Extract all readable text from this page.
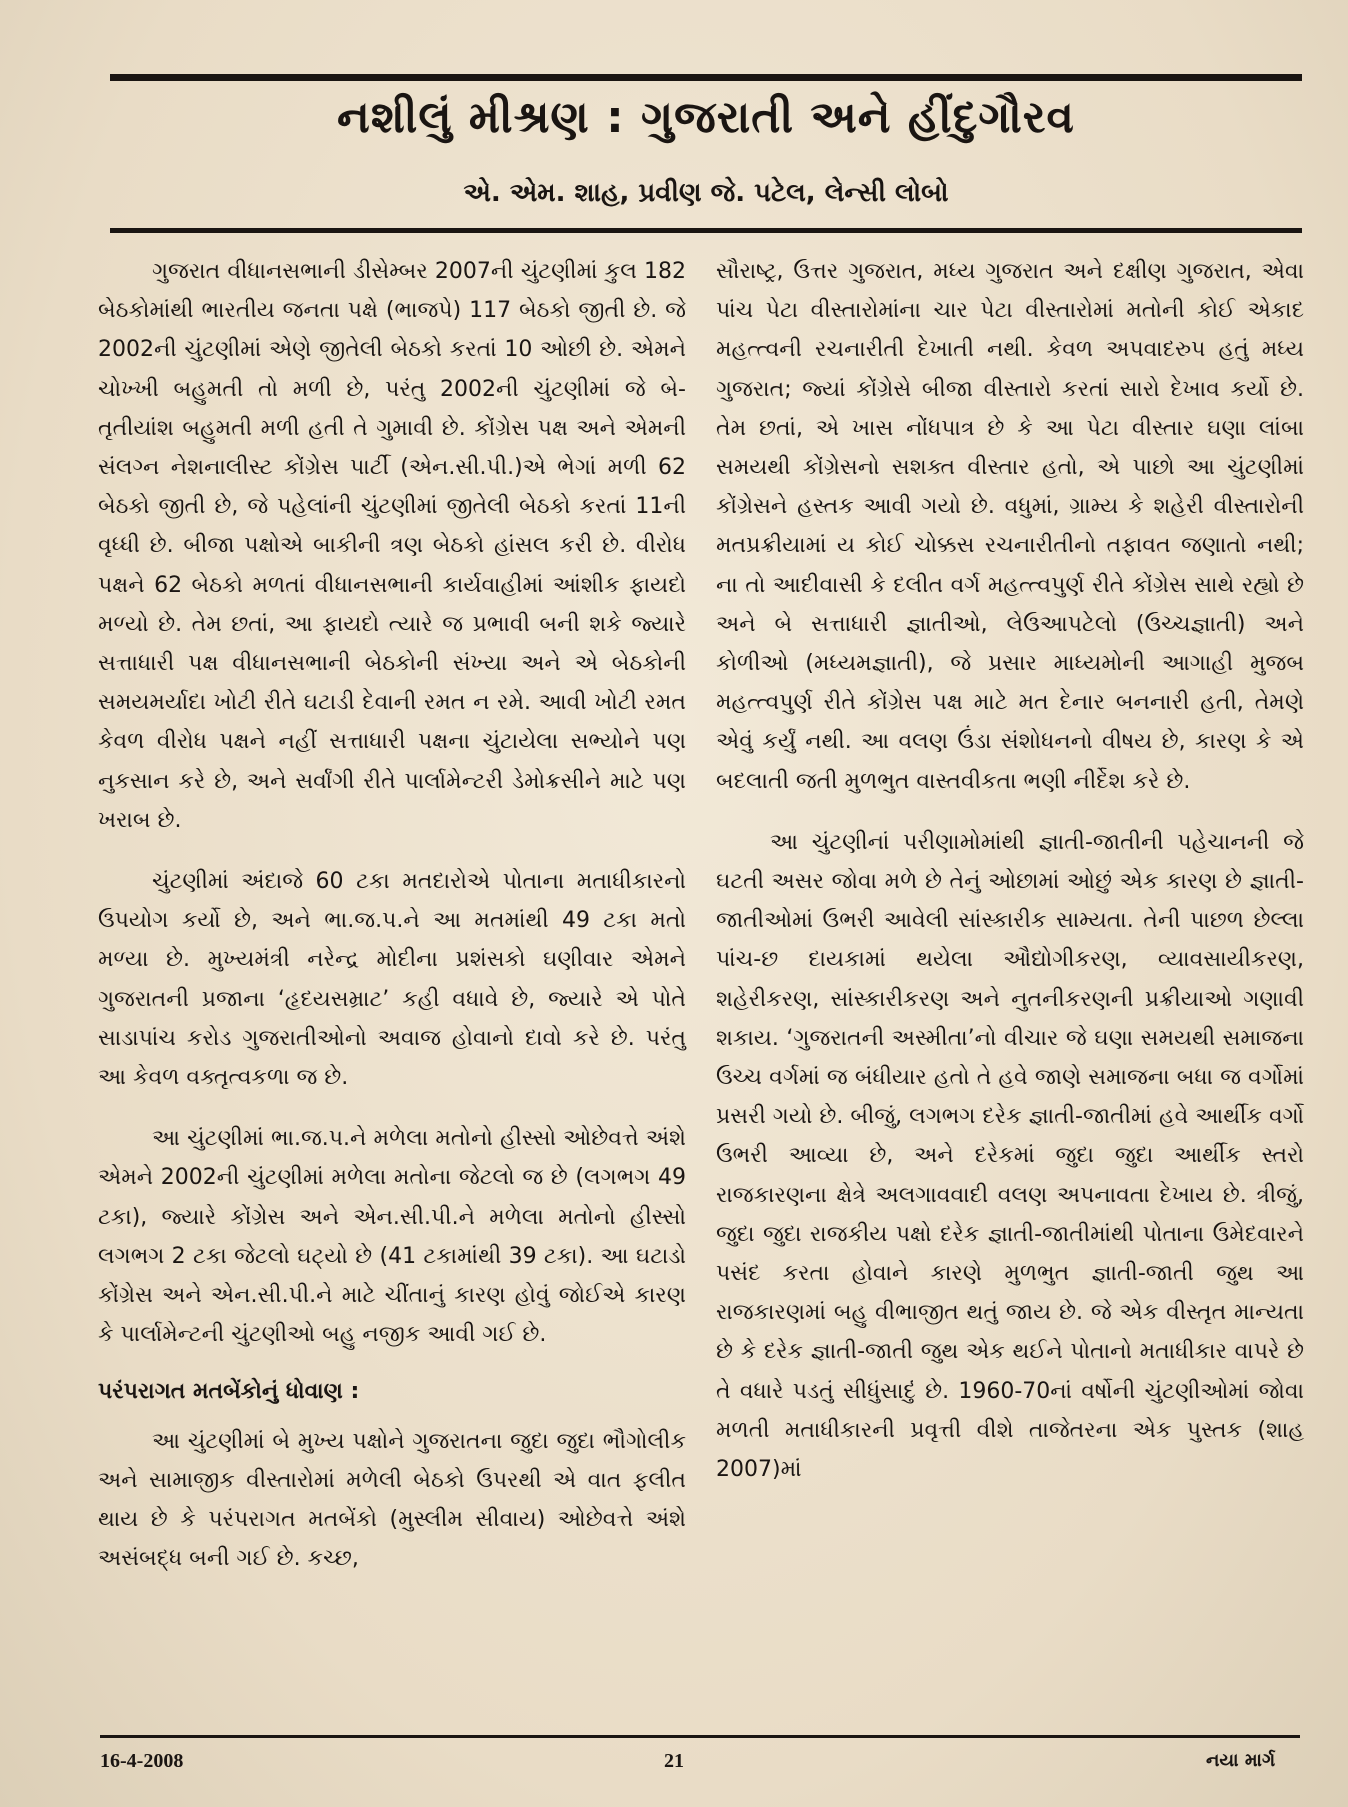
નશીલું મીશ્રણ : ગુજરાતી અને હીંદુગૌરવ
એ. એમ. શાહ, પ્રવીણ જે. પટેલ, લેન્સી લોબો

ગુજરાત વીધાનસભાની ડીસેમ્બર 2007ની ચુંટણીમાં કુલ 182 બેઠકોમાંથી ભારતીય જનતા પક્ષે (ભાજપે) 117 બેઠકો જીતી છે. જે 2002ની ચુંટણીમાં એણે જીતેલી બેઠકો કરતાં 10 ઓછી છે. એમને ચોખ્ખી બહુમતી તો મળી છે, પરંતુ 2002ની ચુંટણીમાં જે બે-તૃતીયાંશ બહુમતી મળી હતી તે ગુમાવી છે. કોંગ્રેસ પક્ષ અને એમની સંલગ્ન નેશનાલીસ્ટ કોંગ્રેસ પાર્ટી (એન.સી.પી.)એ ભેગાં મળી 62 બેઠકો જીતી છે, જે પહેલાંની ચુંટણીમાં જીતેલી બેઠકો કરતાં 11ની વૃધ્ધી છે. બીજા પક્ષોએ બાકીની ત્રણ બેઠકો હાંસલ કરી છે. વીરોધ પક્ષને 62 બેઠકો મળતાં વીધાનસભાની કાર્યવાહીમાં આંશીક ફાયદો મળ્યો છે. તેમ છતાં, આ ફાયદો ત્યારે જ પ્રભાવી બની શકે જ્યારે સત્તાધારી પક્ષ વીધાનસભાની બેઠકોની સંખ્યા અને એ બેઠકોની સમયમર્યાદા ખોટી રીતે ઘટાડી દેવાની રમત ન રમે. આવી ખોટી રમત કેવળ વીરોધ પક્ષને નહીં સત્તાધારી પક્ષના ચુંટાયેલા સભ્યોને પણ નુકસાન કરે છે, અને સર્વાંગી રીતે પાર્લામેન્ટરી ડેમોક્રસીને માટે પણ ખરાબ છે.

ચુંટણીમાં અંદાજે 60 ટકા મતદારોએ પોતાના મતાધીકારનો ઉપયોગ કર્યો છે, અને ભા.જ.પ.ને આ મતમાંથી 49 ટકા મતો મળ્યા છે. મુખ્યમંત્રી નરેન્દ્ર મોદીના પ્રશંસકો ઘણીવાર એમને ગુજરાતની પ્રજાના ‘હૃદયસમ્રાટ’ કહી વધાવે છે, જ્યારે એ પોતે સાડાપાંચ કરોડ ગુજરાતીઓનો અવાજ હોવાનો દાવો કરે છે. પરંતુ આ કેવળ વક્તૃત્વકળા જ છે.

આ ચુંટણીમાં ભા.જ.પ.ને મળેલા મતોનો હીસ્સો ઓછેવત્તે અંશે એમને 2002ની ચુંટણીમાં મળેલા મતોના જેટલો જ છે (લગભગ 49 ટકા), જ્યારે કોંગ્રેસ અને એન.સી.પી.ને મળેલા મતોનો હીસ્સો લગભગ 2 ટકા જેટલો ઘટ્યો છે (41 ટકામાંથી 39 ટકા). આ ઘટાડો કોંગ્રેસ અને એન.સી.પી.ને માટે ચીંતાનું કારણ હોવું જોઈએ કારણ કે પાર્લામેન્ટની ચુંટણીઓ બહુ નજીક આવી ગઈ છે.

પરંપરાગત મતબેંકોનું ધોવાણ :

આ ચુંટણીમાં બે મુખ્ય પક્ષોને ગુજરાતના જુદા જુદા ભૌગોલીક અને સામાજીક વીસ્તારોમાં મળેલી બેઠકો ઉપરથી એ વાત ફલીત થાય છે કે પરંપરાગત મતબેંકો (મુસ્લીમ સીવાય) ઓછેવત્તે અંશે અસંબદ્ધ બની ગઈ છે. કચ્છ,

સૌરાષ્ટ્ર, ઉત્તર ગુજરાત, મધ્ય ગુજરાત અને દક્ષીણ ગુજરાત, એવા પાંચ પેટા વીસ્તારોમાંના ચાર પેટા વીસ્તારોમાં મતોની કોઈ એકાદ મહત્ત્વની રચનારીતી દેખાતી નથી. કેવળ અપવાદરુપ હતું મધ્ય ગુજરાત; જ્યાં કોંગ્રેસે બીજા વીસ્તારો કરતાં સારો દેખાવ કર્યો છે. તેમ છતાં, એ ખાસ નોંધપાત્ર છે કે આ પેટા વીસ્તાર ઘણા લાંબા સમયથી કોંગ્રેસનો સશક્ત વીસ્તાર હતો, એ પાછો આ ચુંટણીમાં કોંગ્રેસને હસ્તક આવી ગયો છે. વધુમાં, ગ્રામ્ય કે શહેરી વીસ્તારોની મતપ્રક્રીયામાં ય કોઈ ચોક્કસ રચનારીતીનો તફાવત જણાતો નથી; ના તો આદીવાસી કે દલીત વર્ગ મહત્ત્વપુર્ણ રીતે કોંગ્રેસ સાથે રહ્યો છે અને બે સત્તાધારી જ્ઞાતીઓ, લેઉઆપટેલો (ઉચ્ચજ્ઞાતી) અને કોળીઓ (મધ્યમજ્ઞાતી), જે પ્રસાર માધ્યમોની આગાહી મુજબ મહત્ત્વપુર્ણ રીતે કોંગ્રેસ પક્ષ માટે મત દેનાર બનનારી હતી, તેમણે એવું કર્યું નથી. આ વલણ ઉંડા સંશોધનનો વીષય છે, કારણ કે એ બદલાતી જતી મુળભુત વાસ્તવીકતા ભણી નીર્દેશ કરે છે.

આ ચુંટણીનાં પરીણામોમાંથી જ્ઞાતી-જાતીની પહેચાનની જે ઘટતી અસર જોવા મળે છે તેનું ઓછામાં ઓછું એક કારણ છે જ્ઞાતી-જાતીઓમાં ઉભરી આવેલી સાંસ્કારીક સામ્યતા. તેની પાછળ છેલ્લા પાંચ-છ દાયકામાં થયેલા ઔદ્યોગીકરણ, વ્યાવસાયીકરણ, શહેરીકરણ, સાંસ્કારીકરણ અને નુતનીકરણની પ્રક્રીયાઓ ગણાવી શકાય. ‘ગુજરાતની અસ્મીતા’નો વીચાર જે ઘણા સમયથી સમાજના ઉચ્ચ વર્ગમાં જ બંધીયાર હતો તે હવે જાણે સમાજના બધા જ વર્ગોમાં પ્રસરી ગયો છે. બીજું, લગભગ દરેક જ્ઞાતી-જાતીમાં હવે આર્થીક વર્ગો ઉભરી આવ્યા છે, અને દરેકમાં જુદા જુદા આર્થીક સ્તરો રાજકારણના ક્ષેત્રે અલગાવવાદી વલણ અપનાવતા દેખાય છે. ત્રીજું, જુદા જુદા રાજકીય પક્ષો દરેક જ્ઞાતી-જાતીમાંથી પોતાના ઉમેદવારને પસંદ કરતા હોવાને કારણે મુળભુત જ્ઞાતી-જાતી જુથ આ રાજકારણમાં બહુ વીભાજીત થતું જાય છે. જે એક વીસ્તૃત માન્યતા છે કે દરેક જ્ઞાતી-જાતી જુથ એક થઈને પોતાનો મતાધીકાર વાપરે છે તે વધારે પડતું સીધુંસાદું છે. 1960-70નાં વર્ષોની ચુંટણીઓમાં જોવા મળતી મતાધીકારની પ્રવૃત્તી વીશે તાજેતરના એક પુસ્તક (શાહ 2007)માં

16-4-2008	21	નયા માર્ગ
